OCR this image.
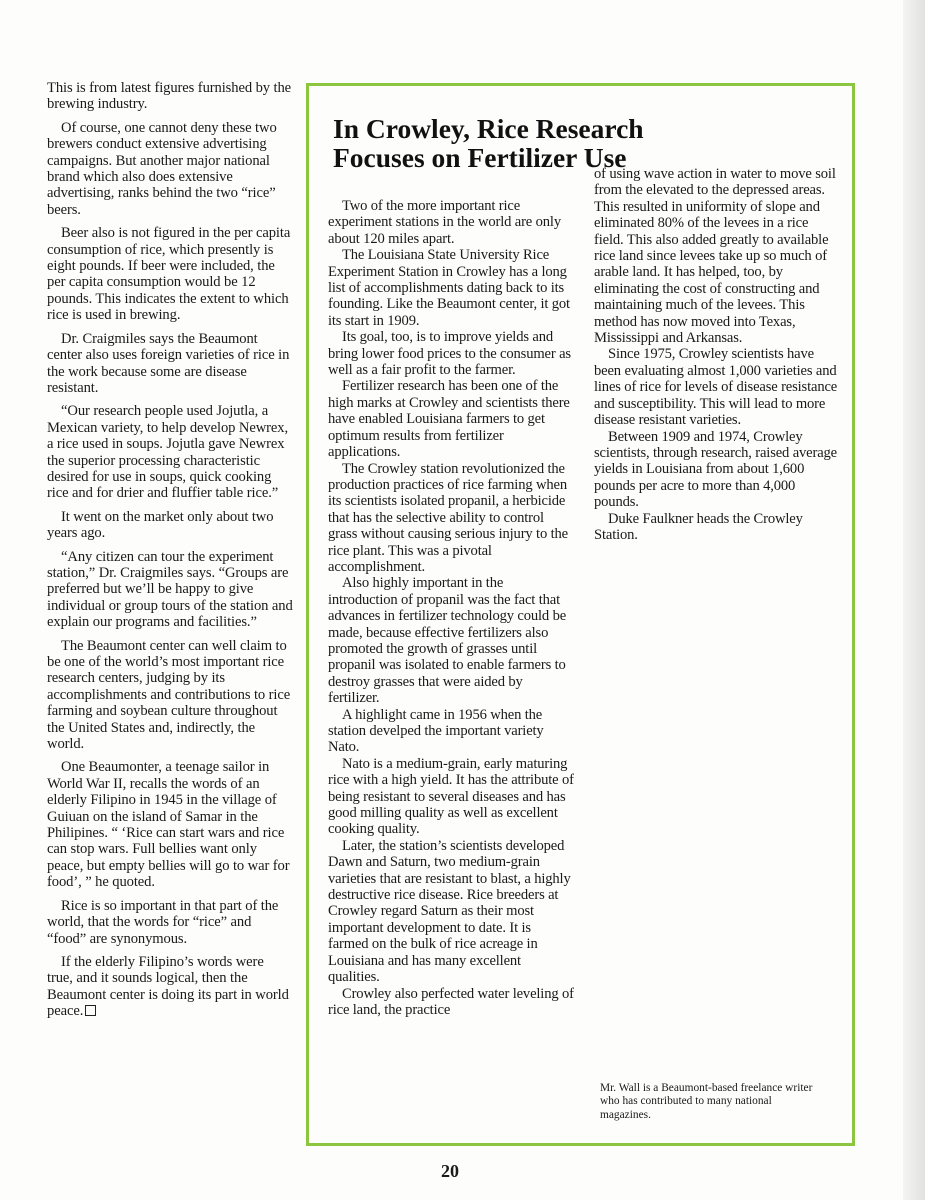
This is from latest figures furnished by the brewing industry.

Of course, one cannot deny these two brewers conduct extensive advertising campaigns. But another major national brand which also does extensive advertising, ranks behind the two “rice” beers.

Beer also is not figured in the per capita consumption of rice, which presently is eight pounds. If beer were included, the per capita consumption would be 12 pounds. This indicates the extent to which rice is used in brewing.

Dr. Craigmiles says the Beaumont center also uses foreign varieties of rice in the work because some are disease resistant.

“Our research people used Jojutla, a Mexican variety, to help develop Newrex, a rice used in soups. Jojutla gave Newrex the superior processing characteristic desired for use in soups, quick cooking rice and for drier and fluffier table rice.”

It went on the market only about two years ago.

“Any citizen can tour the experiment station,” Dr. Craigmiles says. “Groups are preferred but we’ll be happy to give individual or group tours of the station and explain our programs and facilities.”

The Beaumont center can well claim to be one of the world’s most important rice research centers, judging by its accomplishments and contributions to rice farming and soybean culture throughout the United States and, indirectly, the world.

One Beaumonter, a teenage sailor in World War II, recalls the words of an elderly Filipino in 1945 in the village of Guiuan on the island of Samar in the Philipines. “ ‘Rice can start wars and rice can stop wars. Full bellies want only peace, but empty bellies will go to war for food’, ” he quoted.

Rice is so important in that part of the world, that the words for “rice” and “food” are synonymous.

If the elderly Filipino’s words were true, and it sounds logical, then the Beaumont center is doing its part in world peace.

In Crowley, Rice Research
Focuses on Fertilizer Use

Two of the more important rice experiment stations in the world are only about 120 miles apart.

The Louisiana State University Rice Experiment Station in Crowley has a long list of accomplishments dating back to its founding. Like the Beaumont center, it got its start in 1909.

Its goal, too, is to improve yields and bring lower food prices to the consumer as well as a fair profit to the farmer.

Fertilizer research has been one of the high marks at Crowley and scientists there have enabled Louisiana farmers to get optimum results from fertilizer applications.

The Crowley station revolutionized the production practices of rice farming when its scientists isolated propanil, a herbicide that has the selective ability to control grass without causing serious injury to the rice plant. This was a pivotal accomplishment.

Also highly important in the introduction of propanil was the fact that advances in fertilizer technology could be made, because effective fertilizers also promoted the growth of grasses until propanil was isolated to enable farmers to destroy grasses that were aided by fertilizer.

A highlight came in 1956 when the station develped the important variety Nato.

Nato is a medium-grain, early maturing rice with a high yield. It has the attribute of being resistant to several diseases and has good milling quality as well as excellent cooking quality.

Later, the station’s scientists developed Dawn and Saturn, two medium-grain varieties that are resistant to blast, a highly destructive rice disease. Rice breeders at Crowley regard Saturn as their most important development to date. It is farmed on the bulk of rice acreage in Louisiana and has many excellent qualities.

Crowley also perfected water leveling of rice land, the practice

of using wave action in water to move soil from the elevated to the depressed areas. This resulted in uniformity of slope and eliminated 80% of the levees in a rice field. This also added greatly to available rice land since levees take up so much of arable land. It has helped, too, by eliminating the cost of constructing and maintaining much of the levees. This method has now moved into Texas, Mississippi and Arkansas.

Since 1975, Crowley scientists have been evaluating almost 1,000 varieties and lines of rice for levels of disease resistance and susceptibility. This will lead to more disease resistant varieties.

Between 1909 and 1974, Crowley scientists, through research, raised average yields in Louisiana from about 1,600 pounds per acre to more than 4,000 pounds.

Duke Faulkner heads the Crowley Station.

Mr. Wall is a Beaumont-based freelance writer who has contributed to many national magazines.

20
